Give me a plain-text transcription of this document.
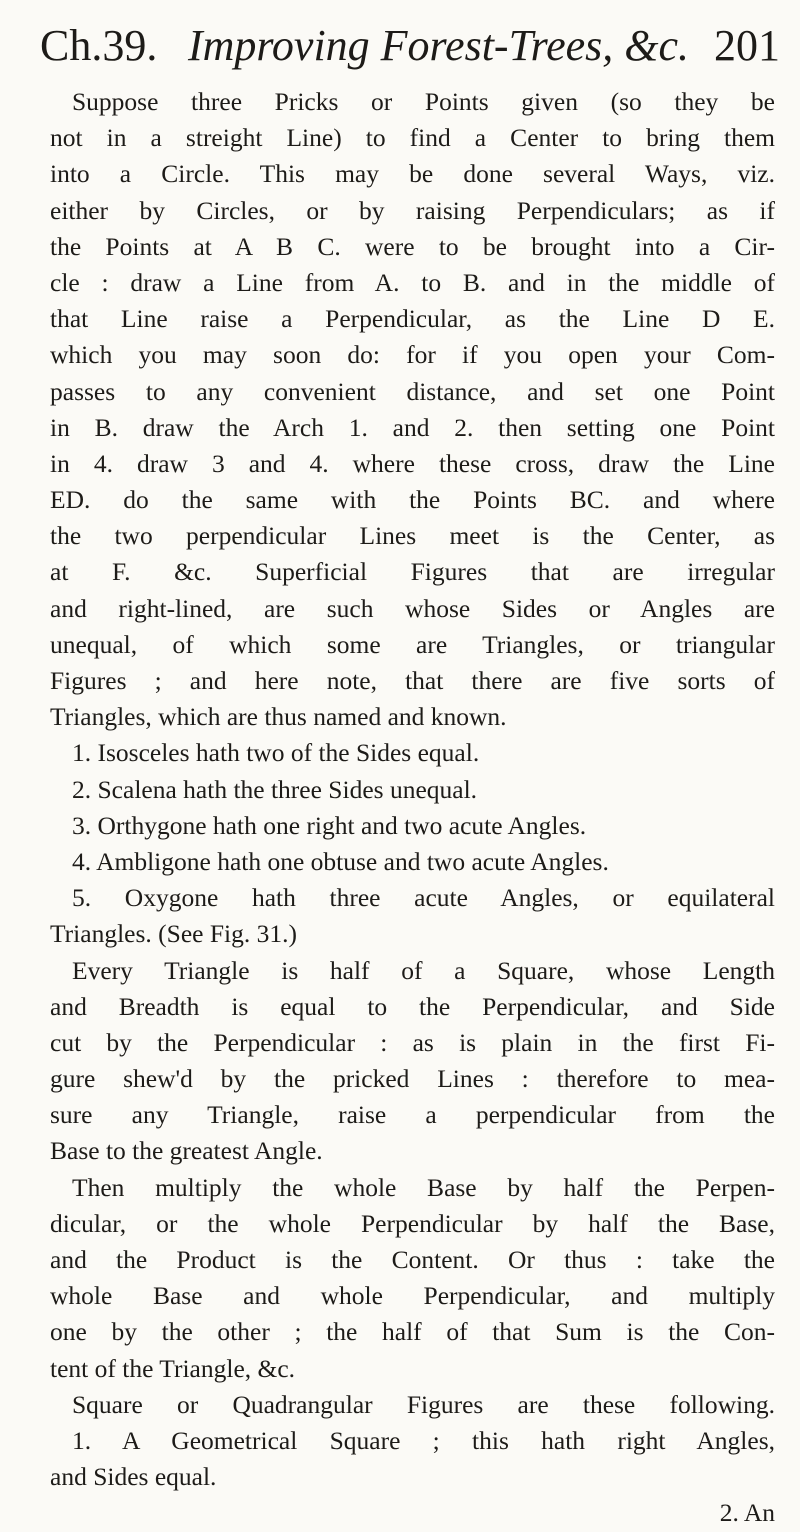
Ch.39. Improving Forest-Trees, &c. 201
Suppose three Pricks or Points given (so they be
not in a streight Line) to find a Center to bring them
into a Circle. This may be done several Ways, viz.
either by Circles, or by raising Perpendiculars; as if
the Points at A B C. were to be brought into a Cir-
cle : draw a Line from A. to B. and in the middle of
that Line raise a Perpendicular, as the Line D E.
which you may soon do: for if you open your Com-
passes to any convenient distance, and set one Point
in B. draw the Arch 1. and 2. then setting one Point
in 4. draw 3 and 4. where these cross, draw the Line
ED. do the same with the Points BC. and where
the two perpendicular Lines meet is the Center, as
at F. &c. Superficial Figures that are irregular
and right-lined, are such whose Sides or Angles are
unequal, of which some are Triangles, or triangular
Figures ; and here note, that there are five sorts of
Triangles, which are thus named and known.
1. Isosceles hath two of the Sides equal.
2. Scalena hath the three Sides unequal.
3. Orthygone hath one right and two acute Angles.
4. Ambligone hath one obtuse and two acute Angles.
5. Oxygone hath three acute Angles, or equilateral
Triangles. (See Fig. 31.)
Every Triangle is half of a Square, whose Length
and Breadth is equal to the Perpendicular, and Side
cut by the Perpendicular : as is plain in the first Fi-
gure shew'd by the pricked Lines : therefore to mea-
sure any Triangle, raise a perpendicular from the
Base to the greatest Angle.
Then multiply the whole Base by half the Perpen-
dicular, or the whole Perpendicular by half the Base,
and the Product is the Content. Or thus : take the
whole Base and whole Perpendicular, and multiply
one by the other ; the half of that Sum is the Con-
tent of the Triangle, &c.
Square or Quadrangular Figures are these following.
1. A Geometrical Square ; this hath right Angles,
and Sides equal.
2. An
